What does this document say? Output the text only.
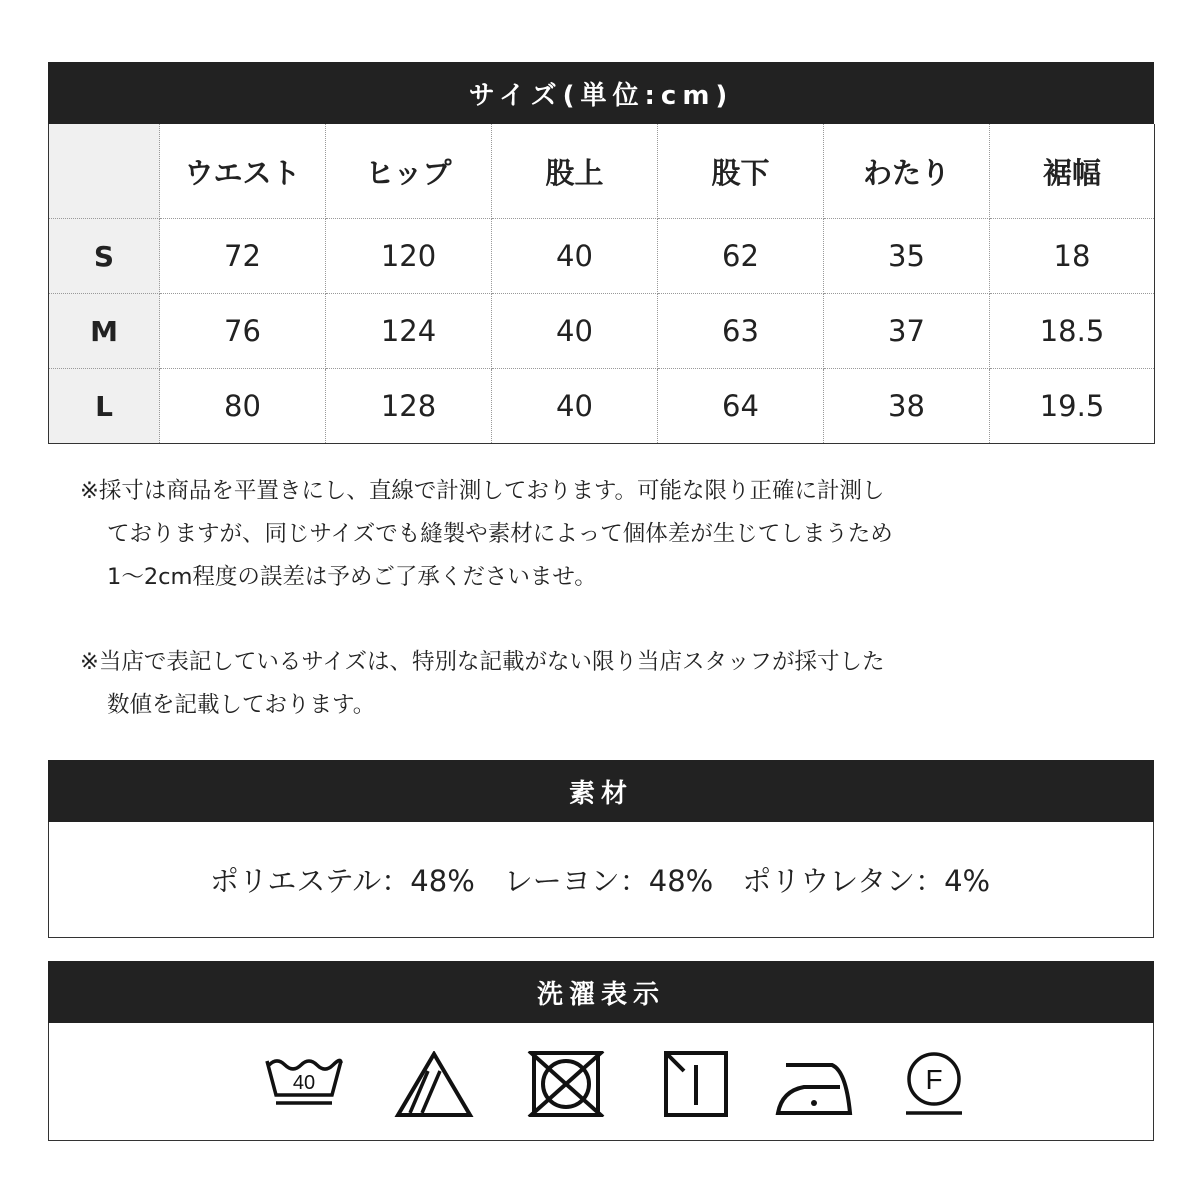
サイズ(単位:cm)
	ウエスト	ヒップ	股上	股下	わたり	裾幅
S	72	120	40	62	35	18
M	76	124	40	63	37	18.5
L	80	128	40	64	38	19.5
※採寸は商品を平置きにし、直線で計測しております。可能な限り正確に計測し
ておりますが、同じサイズでも縫製や素材によって個体差が生じてしまうため
1～2cm程度の誤差は予めご了承くださいませ。
※当店で表記しているサイズは、特別な記載がない限り当店スタッフが採寸した
数値を記載しております。
素材
ポリエステル：48%　レーヨン：48%　ポリウレタン：4%
洗濯表示
40	F
